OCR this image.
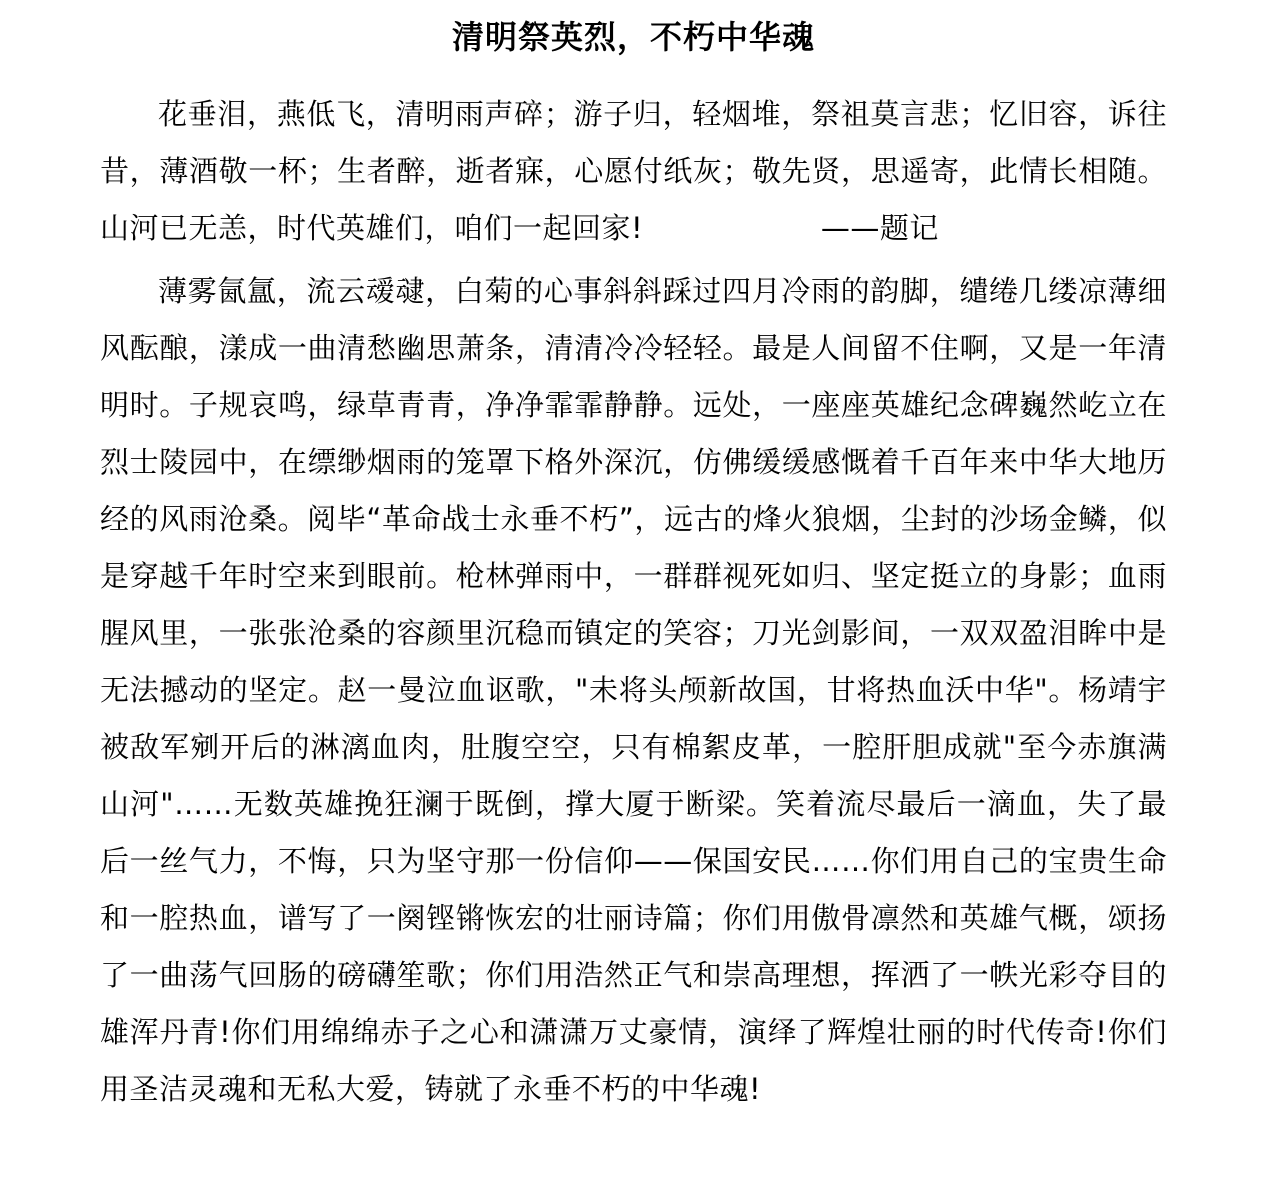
清明祭英烈，不朽中华魂

花垂泪，燕低飞，清明雨声碎；游子归，轻烟堆，祭祖莫言悲；忆旧容，诉往昔，薄酒敬一杯；生者醉，逝者寐，心愿付纸灰；敬先贤，思遥寄，此情长相随。山河已无恙，时代英雄们，咱们一起回家!	——题记

薄雾氤氲，流云叆叇，白菊的心事斜斜踩过四月冷雨的韵脚，缱绻几缕凉薄细风酝酿，漾成一曲清愁幽思萧条，清清冷冷轻轻。最是人间留不住啊，又是一年清明时。子规哀鸣，绿草青青，净净霏霏静静。远处，一座座英雄纪念碑巍然屹立在烈士陵园中，在缥缈烟雨的笼罩下格外深沉，仿佛缓缓感慨着千百年来中华大地历经的风雨沧桑。阅毕“革命战士永垂不朽”，远古的烽火狼烟，尘封的沙场金鳞，似是穿越千年时空来到眼前。枪林弹雨中，一群群视死如归、坚定挺立的身影；血雨腥风里，一张张沧桑的容颜里沉稳而镇定的笑容；刀光剑影间，一双双盈泪眸中是无法撼动的坚定。赵一曼泣血讴歌，"未将头颅新故国，甘将热血沃中华"。杨靖宇被敌军剜开后的淋漓血肉，肚腹空空，只有棉絮皮革，一腔肝胆成就"至今赤旗满山河"……无数英雄挽狂澜于既倒，撑大厦于断梁。笑着流尽最后一滴血，失了最后一丝气力，不悔，只为坚守那一份信仰——保国安民……你们用自己的宝贵生命和一腔热血，谱写了一阕铿锵恢宏的壮丽诗篇；你们用傲骨凛然和英雄气概，颂扬了一曲荡气回肠的磅礴笙歌；你们用浩然正气和崇高理想，挥洒了一帙光彩夺目的雄浑丹青!你们用绵绵赤子之心和潇潇万丈豪情，演绎了辉煌壮丽的时代传奇!你们用圣洁灵魂和无私大爱，铸就了永垂不朽的中华魂!
